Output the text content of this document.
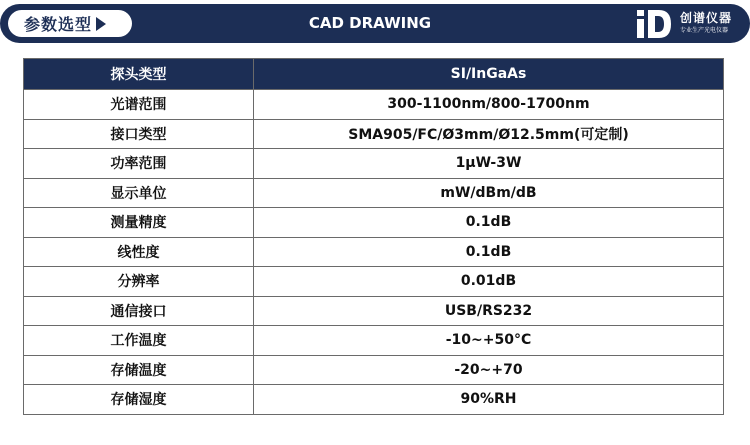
参数选型	CAD DRAWING	创谱仪器
专业生产光电仪器
探头类型	SI/InGaAs
光谱范围	300-1100nm/800-1700nm
接口类型	SMA905/FC/Ø3mm/Ø12.5mm(可定制)
功率范围	1μW-3W
显示单位	mW/dBm/dB
测量精度	0.1dB
线性度	0.1dB
分辨率	0.01dB
通信接口	USB/RS232
工作温度	-10~+50°C
存储温度	-20~+70
存储湿度	90%RH
